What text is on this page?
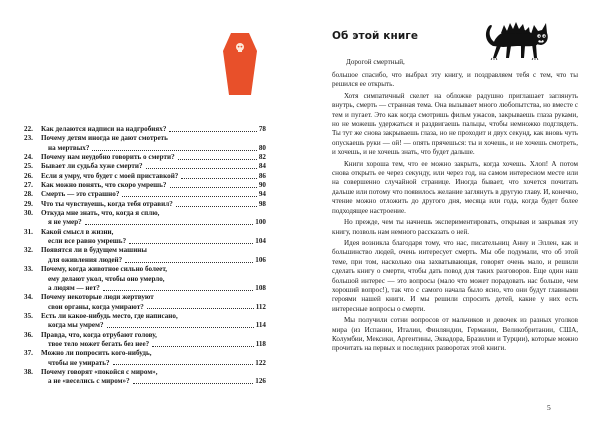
22.	Как делаются надписи на надгробиях?	78
23.	Почему детям иногда не дают смотреть
на мертвых?	80
24.	Почему нам неудобно говорить о смерти?	82
25.	Бывает ли судьба хуже смерти?	84
26.	Если я умру, что будет с моей приставкой?	86
27.	Как можно понять, что скоро умрешь?	90
28.	Смерть — это страшно?	94
29.	Что ты чувствуешь, когда тебя отравил?	98
30.	Откуда мне знать, что, когда я сплю,
я не умер?	100
31.	Какой смысл в жизни,
если все равно умрешь?	104
32.	Появятся ли в будущем машины
для оживления людей?	106
33.	Почему, когда животное сильно болеет,
ему делают укол, чтобы оно умерло,
а людям — нет?	108
34.	Почему некоторые люди жертвуют
свои органы, когда умирают?	112
35.	Есть ли какое-нибудь место, где написано,
когда мы умрем?	114
36.	Правда, что, когда отрубают голову,
твое тело может бегать без нее?	118
37.	Можно ли попросить кого-нибудь,
чтобы не умирать?	122
38.	Почему говорят «покойся с миром»,
а не «веселись с миром»?	126
Об этой книге

Дорогой смертный,

большое спасибо, что выбрал эту книгу, и поздравляем тебя с тем, что ты решился ее открыть.

Хотя симпатичный скелет на обложке радушно приглашает заглянуть внутрь, смерть — странная тема. Она вызывает много любопытства, но вместе с тем и пугает. Это как когда смотришь фильм ужасов, закрываешь глаза руками, но не можешь удержаться и раздвигаешь пальцы, чтобы немножко подглядеть. Ты тут же снова закрываешь глаза, но не проходит и двух секунд, как вновь чуть опускаешь руки — ой! — опять прячешься: ты и хочешь, и не хочешь смотреть, и хочешь, и не хочешь знать, что будет дальше.

Книги хороша тем, что ее можно закрыть, когда хочешь. Хлоп! А потом снова открыть ее через секунду, или через год, на самом интересном месте или на совершенно случайной странице. Иногда бывает, что хочется почитать дальше или потому что появилось желание заглянуть в другую главу. И, конечно, чтение можно отложить до другого дня, месяца или года, когда будет более подходящее настроение.

Но прежде, чем ты начнешь экспериментировать, открывая и закрывая эту книгу, позволь нам немного рассказать о ней.

Идея возникла благодаря тому, что нас, писательниц Анну и Эллен, как и большинство людей, очень интересует смерть. Мы обе подумали, что об этой теме, при том, насколько она захватывающая, говорят очень мало, и решили сделать книгу о смерти, чтобы дать повод для таких разговоров. Еще один наш большой интерес — это вопросы (мало что может порадовать нас больше, чем хороший вопрос!), так что с самого начала было ясно, что они будут главными героями нашей книги. И мы решили спросить детей, какие у них есть интересные вопросы о смерти.

Мы получили сотни вопросов от мальчиков и девочек из разных уголков мира (из Испании, Италии, Финляндии, Германии, Великобритании, США, Колумбии, Мексики, Аргентины, Эквадора, Бразилии и Турции), которые можно прочитать на первых и последних разворотах этой книги.

5
